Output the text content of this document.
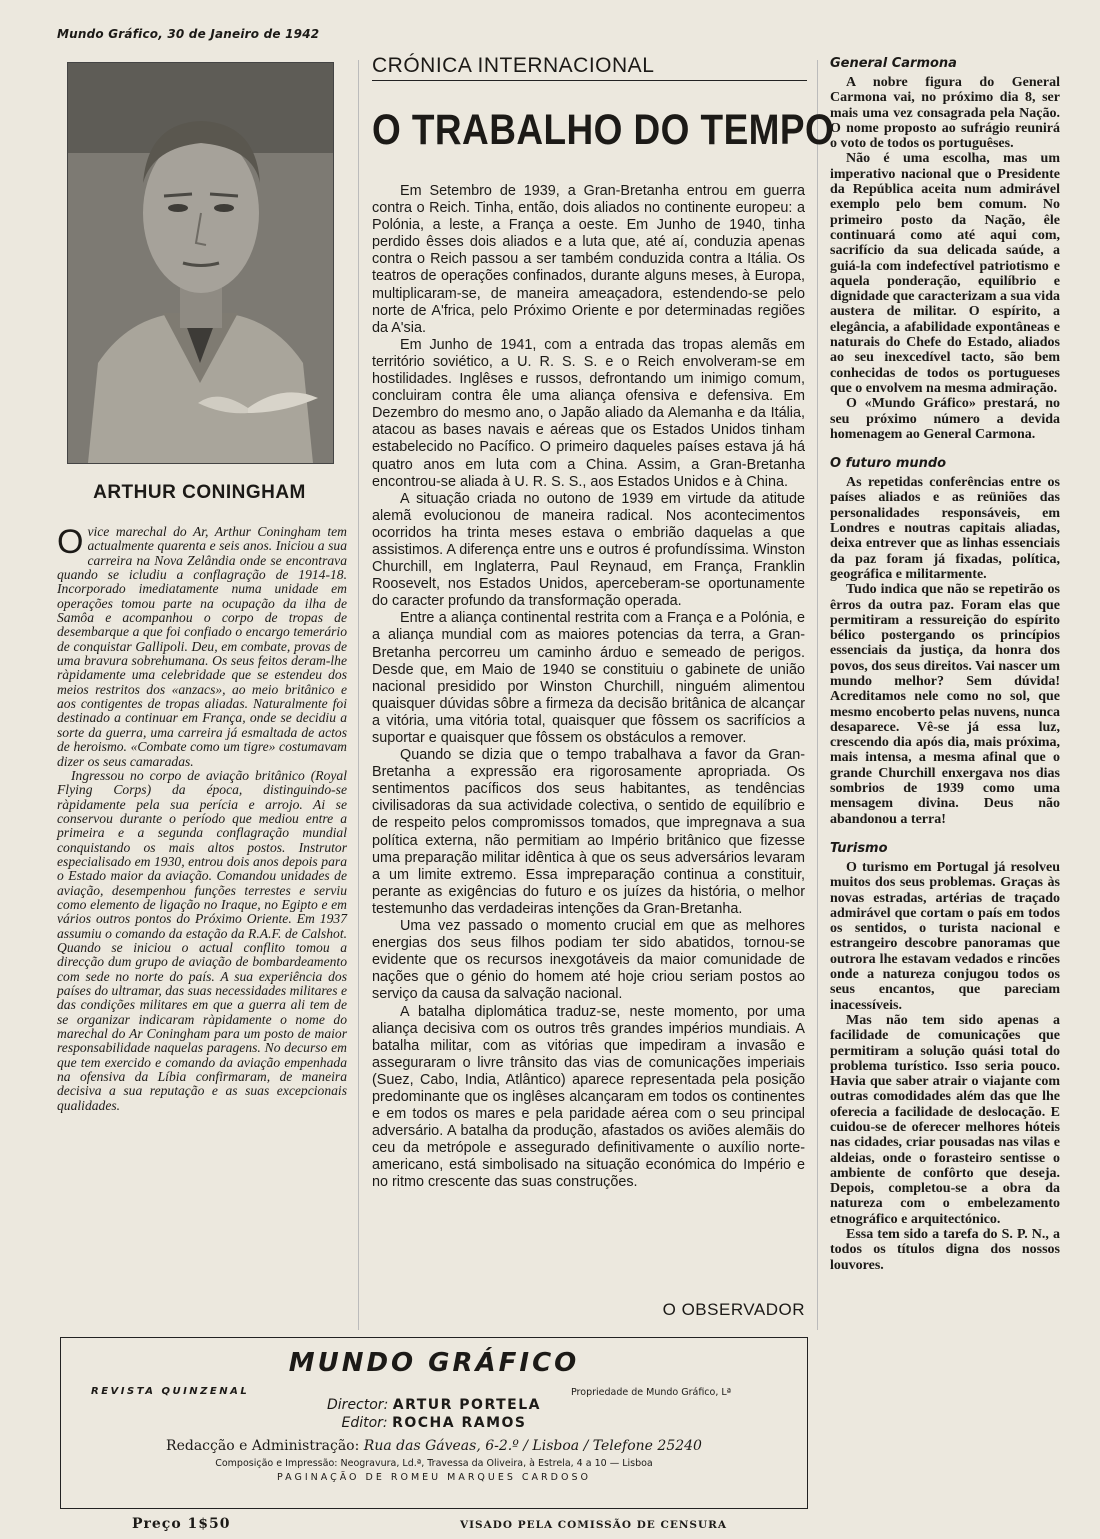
Mundo Gráfico, 30 de Janeiro de 1942
ARTHUR CONINGHAM

O vice marechal do Ar, Arthur Coningham tem actualmente quarenta e seis anos. Iniciou a sua carreira na Nova Zelândia onde se encontrava quando se icludiu a conflagração de 1914-18. Incorporado imediatamente numa unidade em operações tomou parte na ocupação da ilha de Samôa e acompanhou o corpo de tropas de desembarque a que foi confiado o encargo temerário de conquistar Gallipoli. Deu, em combate, provas de uma bravura sobrehumana. Os seus feitos deram-lhe ràpidamente uma celebridade que se estendeu dos meios restritos dos «anzacs», ao meio britânico e aos contigentes de tropas aliadas. Naturalmente foi destinado a continuar em França, onde se decidiu a sorte da guerra, uma carreira já esmaltada de actos de heroismo. «Combate como um tigre» costumavam dizer os seus camaradas.

Ingressou no corpo de aviação britânico (Royal Flying Corps) da época, distinguindo-se ràpidamente pela sua perícia e arrojo. Ai se conservou durante o período que mediou entre a primeira e a segunda conflagração mundial conquistando os mais altos postos. Instrutor especialisado em 1930, entrou dois anos depois para o Estado maior da aviação. Comandou unidades de aviação, desempenhou funções terrestes e serviu como elemento de ligação no Iraque, no Egipto e em vários outros pontos do Próximo Oriente. Em 1937 assumiu o comando da estação da R.A.F. de Calshot. Quando se iniciou o actual conflito tomou a direcção dum grupo de aviação de bombardeamento com sede no norte do país. A sua experiência dos países do ultramar, das suas necessidades militares e das condições militares em que a guerra ali tem de se organizar indicaram ràpidamente o nome do marechal do Ar Coningham para um posto de maior responsabilidade naquelas paragens. No decurso em que tem exercido e comando da aviação empenhada na ofensiva da Líbia confirmaram, de maneira decisiva a sua reputação e as suas excepcionais qualidades.

CRÓNICA INTERNACIONAL
O TRABALHO DO TEMPO

Em Setembro de 1939, a Gran-Bretanha entrou em guerra contra o Reich. Tinha, então, dois aliados no continente europeu: a Polónia, a leste, a França a oeste. Em Junho de 1940, tinha perdido êsses dois aliados e a luta que, até aí, conduzia apenas contra o Reich passou a ser também conduzida contra a Itália. Os teatros de operações confinados, durante alguns meses, à Europa, multiplicaram-se, de maneira ameaçadora, estendendo-se pelo norte de A'frica, pelo Próximo Oriente e por determinadas regiões da A'sia.

Em Junho de 1941, com a entrada das tropas alemãs em território soviético, a U. R. S. S. e o Reich envolveram-se em hostilidades. Inglêses e russos, defrontando um inimigo comum, concluiram contra êle uma aliança ofensiva e defensiva. Em Dezembro do mesmo ano, o Japão aliado da Alemanha e da Itália, atacou as bases navais e aéreas que os Estados Unidos tinham estabelecido no Pacífico. O primeiro daqueles países estava já há quatro anos em luta com a China. Assim, a Gran-Bretanha encontrou-se aliada à U. R. S. S., aos Estados Unidos e à China.

A situação criada no outono de 1939 em virtude da atitude alemã evolucionou de maneira radical. Nos acontecimentos ocorridos ha trinta meses estava o embrião daquelas a que assistimos. A diferença entre uns e outros é profundíssima. Winston Churchill, em Inglaterra, Paul Reynaud, em França, Franklin Roosevelt, nos Estados Unidos, aperceberam-se oportunamente do caracter profundo da transformação operada.

Entre a aliança continental restrita com a França e a Polónia, e a aliança mundial com as maiores potencias da terra, a Gran-Bretanha percorreu um caminho árduo e semeado de perigos. Desde que, em Maio de 1940 se constituiu o gabinete de união nacional presidido por Winston Churchill, ninguém alimentou quaisquer dúvidas sôbre a firmeza da decisão britânica de alcançar a vitória, uma vitória total, quaisquer que fôssem os sacrifícios a suportar e quaisquer que fôssem os obstáculos a remover.

Quando se dizia que o tempo trabalhava a favor da Gran-Bretanha a expressão era rigorosamente apropriada. Os sentimentos pacíficos dos seus habitantes, as tendências civilisadoras da sua actividade colectiva, o sentido de equilíbrio e de respeito pelos compromissos tomados, que impregnava a sua política externa, não permitiam ao Império britânico que fizesse uma preparação militar idêntica à que os seus adversários levaram a um limite extremo. Essa impreparação continua a constituir, perante as exigências do futuro e os juízes da história, o melhor testemunho das verdadeiras intenções da Gran-Bretanha.

Uma vez passado o momento crucial em que as melhores energias dos seus filhos podiam ter sido abatidos, tornou-se evidente que os recursos inexgotáveis da maior comunidade de nações que o génio do homem até hoje criou seriam postos ao serviço da causa da salvação nacional.

A batalha diplomática traduz-se, neste momento, por uma aliança decisiva com os outros três grandes impérios mundiais. A batalha militar, com as vitórias que impediram a invasão e asseguraram o livre trânsito das vias de comunicações imperiais (Suez, Cabo, India, Atlântico) aparece representada pela posição predominante que os inglêses alcançaram em todos os continentes e em todos os mares e pela paridade aérea com o seu principal adversário. A batalha da produção, afastados os aviões alemãis do ceu da metrópole e assegurado definitivamente o auxílio norte-americano, está simbolisado na situação económica do Império e no ritmo crescente das suas construções.

O OBSERVADOR
General Carmona

A nobre figura do General Carmona vai, no próximo dia 8, ser mais uma vez consagrada pela Nação. O nome proposto ao sufrágio reunirá o voto de todos os portuguêses.

Não é uma escolha, mas um imperativo nacional que o Presidente da República aceita num admirável exemplo pelo bem comum. No primeiro posto da Nação, êle continuará como até aqui com, sacrifício da sua delicada saúde, a guiá-la com indefectível patriotismo e aquela ponderação, equilíbrio e dignidade que caracterizam a sua vida austera de militar. O espírito, a elegância, a afabilidade expontâneas e naturais do Chefe do Estado, aliados ao seu inexcedível tacto, são bem conhecidas de todos os portugueses que o envolvem na mesma admiração.

O «Mundo Gráfico» prestará, no seu próximo número a devida homenagem ao General Carmona.

O futuro mundo

As repetidas conferências entre os países aliados e as reüniões das personalidades responsáveis, em Londres e noutras capitais aliadas, deixa entrever que as linhas essenciais da paz foram já fixadas, política, geográfica e militarmente.

Tudo indica que não se repetirão os êrros da outra paz. Foram elas que permitiram a ressureição do espírito bélico postergando os princípios essenciais da justiça, da honra dos povos, dos seus direitos. Vai nascer um mundo melhor? Sem dúvida! Acreditamos nele como no sol, que mesmo encoberto pelas nuvens, nunca desaparece. Vê-se já essa luz, crescendo dia após dia, mais próxima, mais intensa, a mesma afinal que o grande Churchill enxergava nos dias sombrios de 1939 como uma mensagem divina. Deus não abandonou a terra!

Turismo

O turismo em Portugal já resolveu muitos dos seus problemas. Graças às novas estradas, artérias de traçado admirável que cortam o país em todos os sentidos, o turista nacional e estrangeiro descobre panoramas que outrora lhe estavam vedados e rincões onde a natureza conjugou todos os seus encantos, que pareciam inacessíveis.

Mas não tem sido apenas a facilidade de comunicações que permitiram a solução quási total do problema turístico. Isso seria pouco. Havia que saber atrair o viajante com outras comodidades além das que lhe oferecia a facilidade de deslocação. E cuidou-se de oferecer melhores hóteis nas cidades, criar pousadas nas vilas e aldeias, onde o forasteiro sentisse o ambiente de confôrto que deseja. Depois, completou-se a obra da natureza com o embelezamento etnográfico e arquitectónico.

Essa tem sido a tarefa do S. P. N., a todos os títulos digna dos nossos louvores.

MUNDO GRÁFICO
REVISTA QUINZENAL	Propriedade de Mundo Gráfico, Lª
Director: ARTUR PORTELA
Editor: ROCHA RAMOS
Redacção e Administração: Rua das Gáveas, 6-2.º / Lisboa / Telefone 25240
Composição e Impressão: Neogravura, Ld.ª, Travessa da Oliveira, à Estrela, 4 a 10 — Lisboa
PAGINAÇÃO DE ROMEU MARQUES CARDOSO
Preço 1$50	VISADO PELA COMISSÃO DE CENSURA
